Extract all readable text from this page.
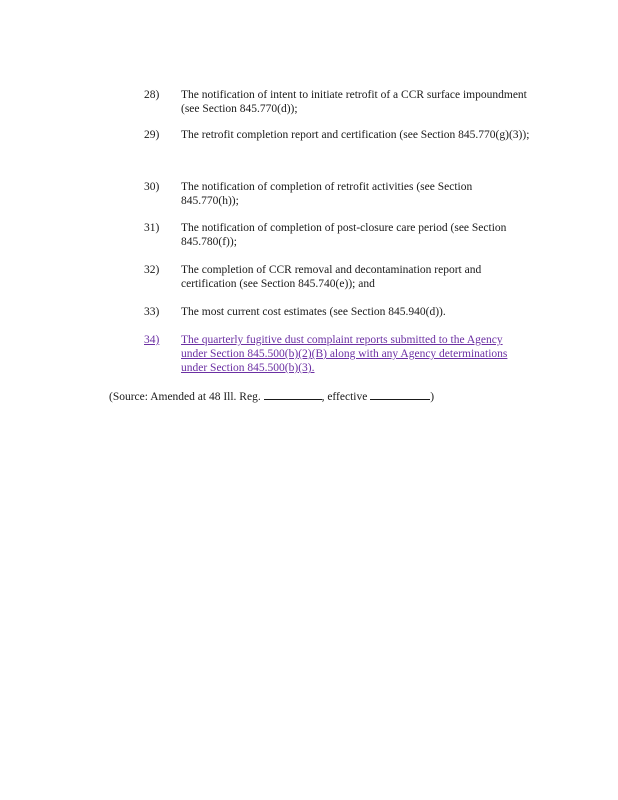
28)	The notification of intent to initiate retrofit of a CCR surface impoundment (see Section 845.770(d));
29)	The retrofit completion report and certification (see Section 845.770(g)(3));
30)	The notification of completion of retrofit activities (see Section 845.770(h));
31)	The notification of completion of post-closure care period (see Section 845.780(f));
32)	The completion of CCR removal and decontamination report and certification (see Section 845.740(e)); and
33)	The most current cost estimates (see Section 845.940(d)).
34)	The quarterly fugitive dust complaint reports submitted to the Agency under Section 845.500(b)(2)(B) along with any Agency determinations under Section 845.500(b)(3).
(Source: Amended at 48 Ill. Reg.	, effective	)
